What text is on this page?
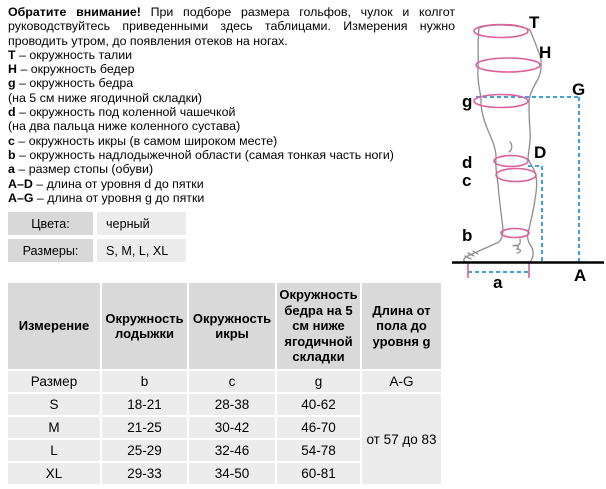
Обратите внимание! При подборе размера гольфов, чулок и колгот руководствуйтесь приведенными здесь таблицами. Измерения нужно проводить утром, до появления отеков на ногах.

T – окружность талии
H – окружность бедер
g – окружность бедра
(на 5 см ниже ягодичной складки)
d – окружность под коленной чашечкой
(на два пальца ниже коленного сустава)
c – окружность икры (в самом широком месте)
b – окружность надлодыжечной области (самая тонкая часть ноги)
a – размер стопы (обуви)
A–D – длина от уровня d до пятки
A–G – длина от уровня g до пятки
Цвета:	черный
Размеры:	S, M, L, XL
Измерение	Окружность лодыжки	Окружность икры	Окружность бедра на 5 см ниже ягодичной складки	Длина от пола до уровня g
Размер	b	c	g	A-G
S	18-21	28-38	40-62	от 57 до 83
M	21-25	30-42	46-70	
L	25-29	32-46	54-78	
XL	29-33	34-50	60-81	
T
H
G
g
D
d
c
b
a	A
